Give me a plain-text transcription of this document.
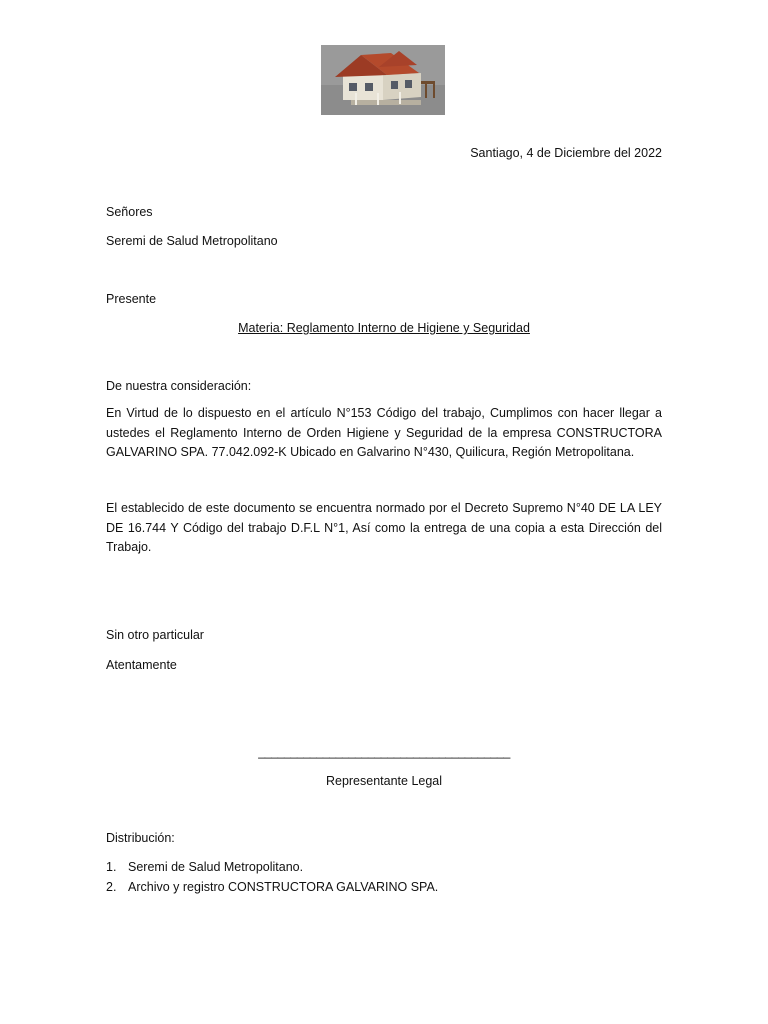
Santiago, 4 de Diciembre del 2022
Señores
Seremi de Salud Metropolitano
Presente
Materia: Reglamento Interno de Higiene y Seguridad
De nuestra consideración:
En Virtud de lo dispuesto en el artículo N°153 Código del trabajo, Cumplimos con hacer llegar a ustedes el Reglamento Interno de Orden Higiene y Seguridad de la empresa CONSTRUCTORA GALVARINO SPA. 77.042.092-K Ubicado en Galvarino N°430, Quilicura, Región Metropolitana.
El establecido de este documento se encuentra normado por el Decreto Supremo N°40 DE LA LEY DE 16.744 Y Código del trabajo D.F.L N°1, Así como la entrega de una copia a esta Dirección del Trabajo.
Sin otro particular
Atentamente
_______________________________________
Representante Legal
Distribución:
1. Seremi de Salud Metropolitano.
2. Archivo y registro CONSTRUCTORA GALVARINO SPA.
